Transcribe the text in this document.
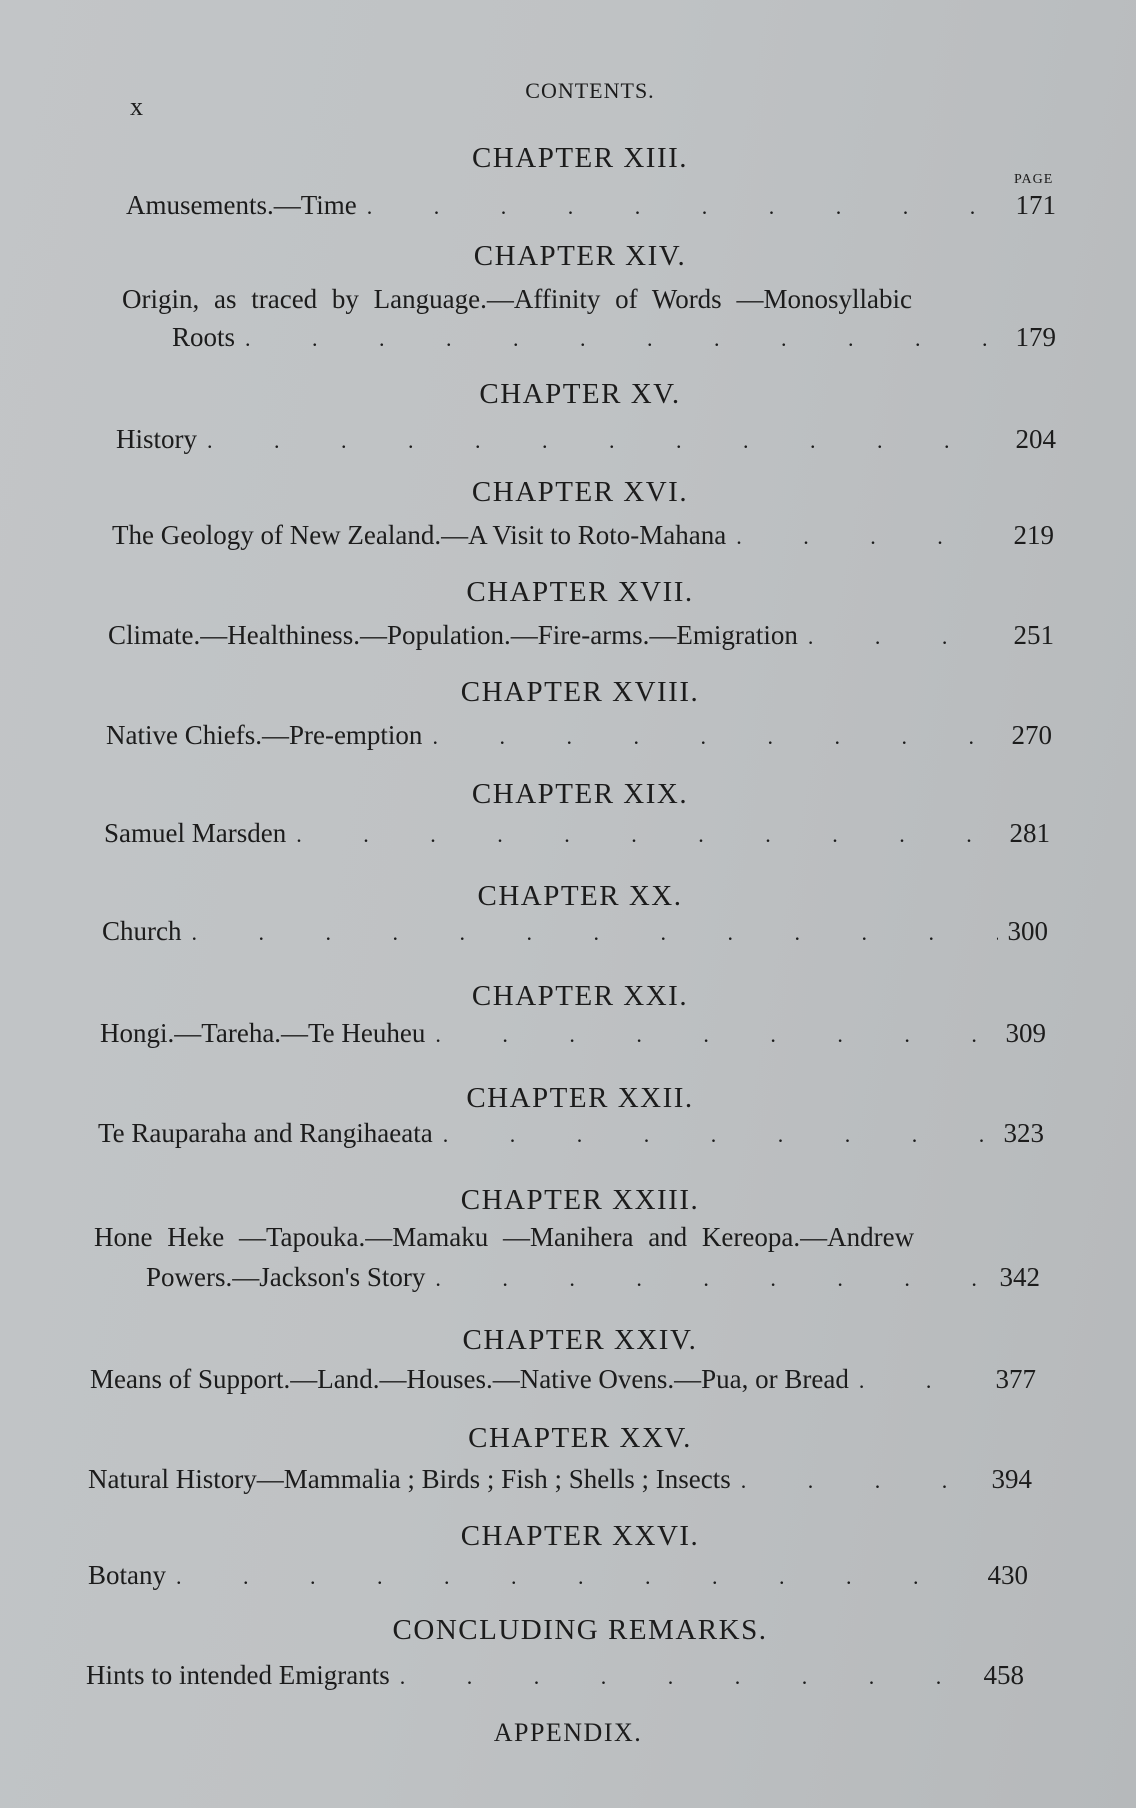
x
CONTENTS.
PAGE
CHAPTER XIII.
Amusements.—Time . . .	171
CHAPTER XIV.
Origin, as traced by Language.—Affinity of Words —Monosyllabic
Roots . . .	179
CHAPTER XV.
History . . .	204
CHAPTER XVI.
The Geology of New Zealand.—A Visit to Roto-Mahana . . .	219
CHAPTER XVII.
Climate.—Healthiness.—Population.—Fire-arms.—Emigration . . .	251
CHAPTER XVIII.
Native Chiefs.—Pre-emption . . .	270
CHAPTER XIX.
Samuel Marsden . . .	281
CHAPTER XX.
Church . . .	300
CHAPTER XXI.
Hongi.—Tareha.—Te Heuheu . . .	309
CHAPTER XXII.
Te Rauparaha and Rangihaeata . . .	323
CHAPTER XXIII.
Hone Heke —Tapouka.—Mamaku —Manihera and Kereopa.—Andrew
Powers.—Jackson's Story . . .	342
CHAPTER XXIV.
Means of Support.—Land.—Houses.—Native Ovens.—Pua, or Bread . . .	377
CHAPTER XXV.
Natural History—Mammalia ; Birds ; Fish ; Shells ; Insects . . .	394
CHAPTER XXVI.
Botany . . .	430
CONCLUDING REMARKS.
Hints to intended Emigrants . . .	458
APPENDIX.
